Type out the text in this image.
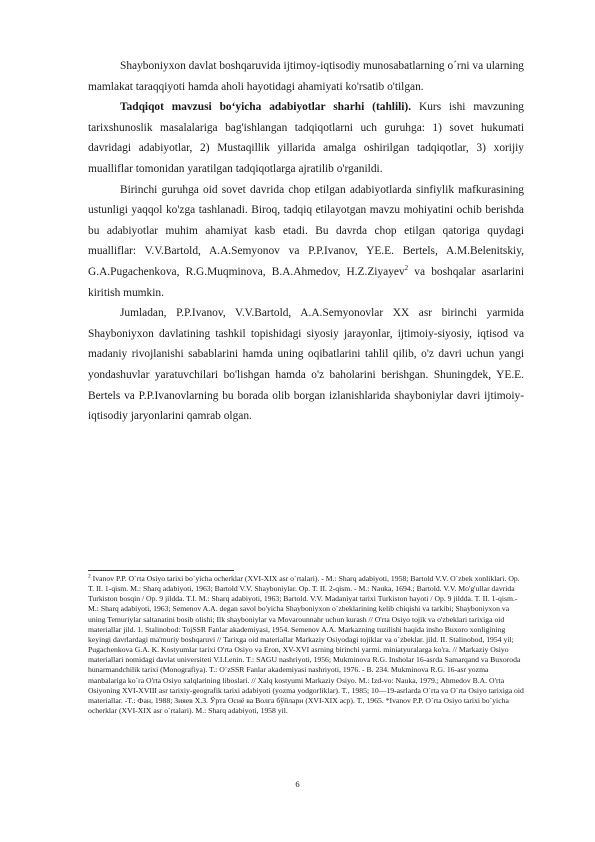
Shayboniyxon davlat boshqaruvida ijtimoy-iqtisodiy munosabatlarning o´rni va ularning mamlakat taraqqiyoti hamda aholi hayotidagi ahamiyati ko'rsatib o'tilgan.

Tadqiqot mavzusi bo‘yicha adabiyotlar sharhi (tahlili). Kurs ishi mavzuning tarixshunoslik masalalariga bag'ishlangan tadqiqotlarni uch guruhga: 1) sovet hukumati davridagi adabiyotlar, 2) Mustaqillik yillarida amalga oshirilgan tadqiqotlar, 3) xorijiy mualliflar tomonidan yaratilgan tadqiqotlarga ajratilib o'rganildi.

Birinchi guruhga oid sovet davrida chop etilgan adabiyotlarda sinfiylik mafkurasining ustunligi yaqqol ko'zga tashlanadi. Biroq, tadqiq etilayotgan mavzu mohiyatini ochib berishda bu adabiyotlar muhim ahamiyat kasb etadi. Bu davrda chop etilgan qatoriga quydagi mualliflar: V.V.Bartold, A.A.Semyonov va P.P.Ivanov, YE.E. Bertels, A.M.Belenitskiy, G.A.Pugachenkova, R.G.Muqminova, B.A.Ahmedov, H.Z.Ziyayev$^2$ va boshqalar asarlarini kiritish mumkin.

Jumladan, P.P.Ivanov, V.V.Bartold, A.A.Semyonovlar XX asr birinchi yarmida Shayboniyxon davlatining tashkil topishidagi siyosiy jarayonlar, ijtimoiy-siyosiy, iqtisod va madaniy rivojlanishi sabablarini hamda uning oqibatlarini tahlil qilib, o'z davri uchun yangi yondashuvlar yaratuvchilari bo'lishgan hamda o'z baholarini berishgan. Shuningdek, YE.E. Bertels va P.P.Ivanovlarning bu borada olib borgan izlanishlarida shayboniylar davri ijtimoiy-iqtisodiy jaryonlarini qamrab olgan.

$^2$ Ivanov P.P. O`rta Osiyo tarixi bo`yicha ocherklar (XVI-XIX asr o`rtalari). - M.: Sharq adabiyoti, 1958; Bartold V.V. O`zbek xonliklari. Op. T. II. 1-qism. M.: Sharq adabiyoti, 1963; Bartold V.V. Shayboniylar. Op. T. II. 2-qism. - M.: Nauka, 1694.; Bartold. V.V. Mo'g'ullar davrida Turkiston bosqin / Op. 9 jildda. T.I. M.: Sharq adabiyoti, 1963; Bartold. V.V. Madaniyat tarixi Turkiston hayoti / Op. 9 jildda. T. II. 1-qism.- M.: Sharq adabiyoti, 1963; Semenov A.A. degan savol bo'yicha Shayboniyxon o`zbeklarining kelib chiqishi va tarkibi; Shayboniyxon va uning Temuriylar saltanatini bosib olishi; Ilk shayboniylar va Movarounnahr uchun kurash // O'rta Osiyo tojik va o'zbeklari tarixiga oid materiallar jild. 1. Stalinobod: TojSSR Fanlar akademiyasi, 1954. Semenov A.A. Markazning tuzilishi haqida insho Buxoro xonligining keyingi davrlardagi ma'muriy boshqaruvi // Tarixga oid materiallar Markaziy Osiyodagi tojiklar va o`zbeklar. jild. II. Stalinobod, 1954 yil; Pugachenkova G.A. K. Kostyumlar tarixi O'rta Osiyo va Eron, XV-XVI asrning birinchi yarmi. miniatyuralarga ko'ra. // Markaziy Osiyo materiallari nomidagi davlat universiteti V.I.Lenin. T.: SAGU nashriyoti, 1956; Mukminova R.G. Insholar 16-asrda Samarqand va Buxoroda hunarmandchilik tarixi (Monografiya). T.: O`zSSR Fanlar akademiyasi nashriyoti, 1976. - B. 234. Mukminova R.G. 16-asr yozma manbalariga ko`ra O'rta Osiyo xalqlarining liboslari. // Xalq kostyumi Markaziy Osiyo. M.: Izd-vo: Nauka, 1979.; Ahmedov B.A. O'rta Osiyoning XVI-XVIII asr tarixiy-geografik tarixi adabiyoti (yozma yodgorliklar). T., 1985; 10—19-asrlarda O`rta va O`rta Osiyo tarixiga oid materiallar. -T.: Фан, 1988; Зияев Х.З. Ўрта Осиё ва Волга бўйлари (XVI-XIX аср). Т., 1965. *Ivanov P.P. O`rta Osiyo tarixi bo`yicha ocherklar (XVI-XIX asr o`rtalari). M.: Sharq adabiyoti, 1958 yil.

6
